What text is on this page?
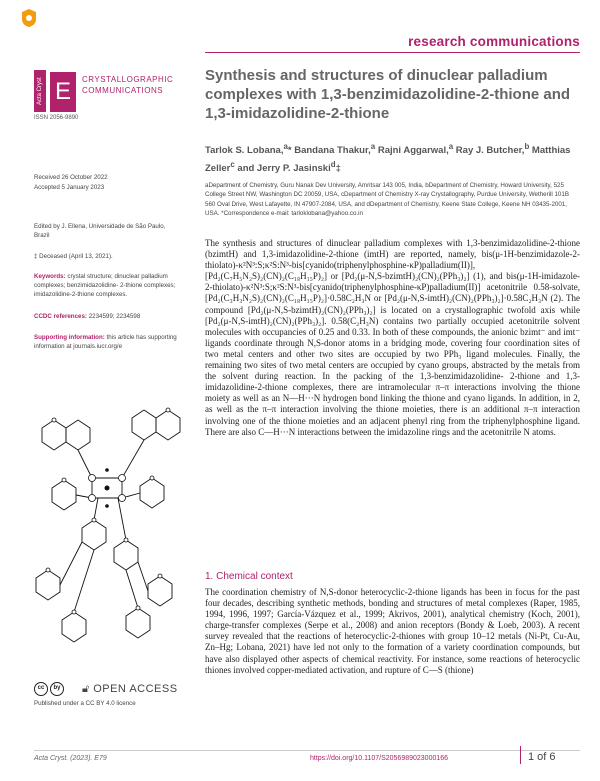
research communications
Acta Cryst E	CRYSTALLOGRAPHIC COMMUNICATIONS
ISSN 2056-9890
Synthesis and structures of dinuclear palladium complexes with 1,3-benzimidazolidine-2-thione and 1,3-imidazolidine-2-thione
Tarlok S. Lobana,$^a$* Bandana Thakur,$^a$ Rajni Aggarwal,$^a$ Ray J. Butcher,$^b$ Matthias Zeller$^c$ and Jerry P. Jasinski$^d$‡
aDepartment of Chemistry, Guru Nanak Dev University, Amritsar 143 005, India, bDepartment of Chemistry, Howard University, 525 College Street NW, Washington DC 20059, USA, cDepartment of Chemistry X-ray Crystallography, Purdue University, Wetherill 101B 560 Oval Drive, West Lafayette, IN 47907-2084, USA, and dDepartment of Chemistry, Keene State College, Keene NH 03435-2001, USA. *Correspondence e-mail: tarloklobana@yahoo.co.in
Received 26 October 2022
Accepted 5 January 2023
Edited by J. Ellena, Universidade de São Paulo, Brazil
‡ Deceased (April 13, 2021).
Keywords: crystal structure; dinuclear palladium complexes; benzimidazolidine- 2-thione complexes; imidazolidine-2-thione complexes.
CCDC references: 2234599; 2234598
Supporting information: this article has supporting information at journals.iucr.org/e
The synthesis and structures of dinuclear palladium complexes with 1,3-benzimidazolidine-2-thione (bzimtH) and 1,3-imidazolidine-2-thione (imtH) are reported, namely, bis(μ-1H-benzimidazole-2-thiolato)-κ²N³:S;κ²S:N³-bis[cyanido(triphenylphosphine-κP)palladium(II)], [Pd₂(C₇H₅N₂S)₂(CN)₂(C₁₈H₁₅P)₂] or [Pd₂(μ-N,S-bzimtH)₂(CN)₂(PPh₃)₂] (1), and bis(μ-1H-imidazole-2-thiolato)-κ²N³:S;κ²S:N³-bis[cyanido(triphenylphosphine-κP)palladium(II)] acetonitrile 0.58-solvate, [Pd₂(C₃H₃N₂S)₂(CN)₂(C₁₈H₁₅P)₂]·0.58C₂H₃N or [Pd₂(μ-N,S-imtH)₂(CN)₂(PPh₃)₂]·0.58C₂H₃N (2). The compound [Pd₂(μ-N,S-bzimtH)₂(CN)₂(PPh₃)₂] is located on a crystallographic twofold axis while [Pd₂(μ-N,S-imtH)₂(CN)₂(PPh₃)₂]. 0.58(C₂H₃N) contains two partially occupied acetonitrile solvent molecules with occupancies of 0.25 and 0.33. In both of these compounds, the anionic bzimt⁻ and imt⁻ ligands coordinate through N,S-donor atoms in a bridging mode, covering four coordination sites of two metal centers and other two sites are occupied by two PPh₃ ligand molecules. Finally, the remaining two sites of two metal centers are occupied by cyano groups, abstracted by the metals from the solvent during reaction. In the packing of the 1,3-benzimidazolidine- 2-thione and 1,3-imidazolidine-2-thione complexes, there are intramolecular π–π interactions involving the thione moiety as well as an N—H···N hydrogen bond linking the thione and cyano ligands. In addition, in 2, as well as the π–π interaction involving the thione moieties, there is an additional π–π interaction involving one of the thione moieties and an adjacent phenyl ring from the triphenylphosphine ligand. There are also C—H···N interactions between the imidazoline rings and the acetonitrile N atoms.
1. Chemical context
The coordination chemistry of N,S-donor heterocyclic-2-thione ligands has been in focus for the past four decades, describing synthetic methods, bonding and structures of metal complexes (Raper, 1985, 1994, 1996, 1997; García-Vázquez et al., 1999; Akrivos, 2001), analytical chemistry (Koch, 2001), charge-transfer complexes (Serpe et al., 2008) and anion receptors (Bondy & Loeb, 2003). A recent survey revealed that the reactions of heterocyclic-2-thiones with group 10–12 metals (Ni-Pt, Cu-Au, Zn–Hg; Lobana, 2021) have led not only to the formation of a variety coordination compounds, but have also displayed other aspects of chemical reactivity. For instance, some reactions of heterocyclic thiones involved copper-mediated activation, and rupture of C—S (thione)
cc	by	🔓︎ OPEN ACCESS
Published under a CC BY 4.0 licence
Acta Cryst. (2023). E79	https://doi.org/10.1107/S2056989023000166	1 of 6
